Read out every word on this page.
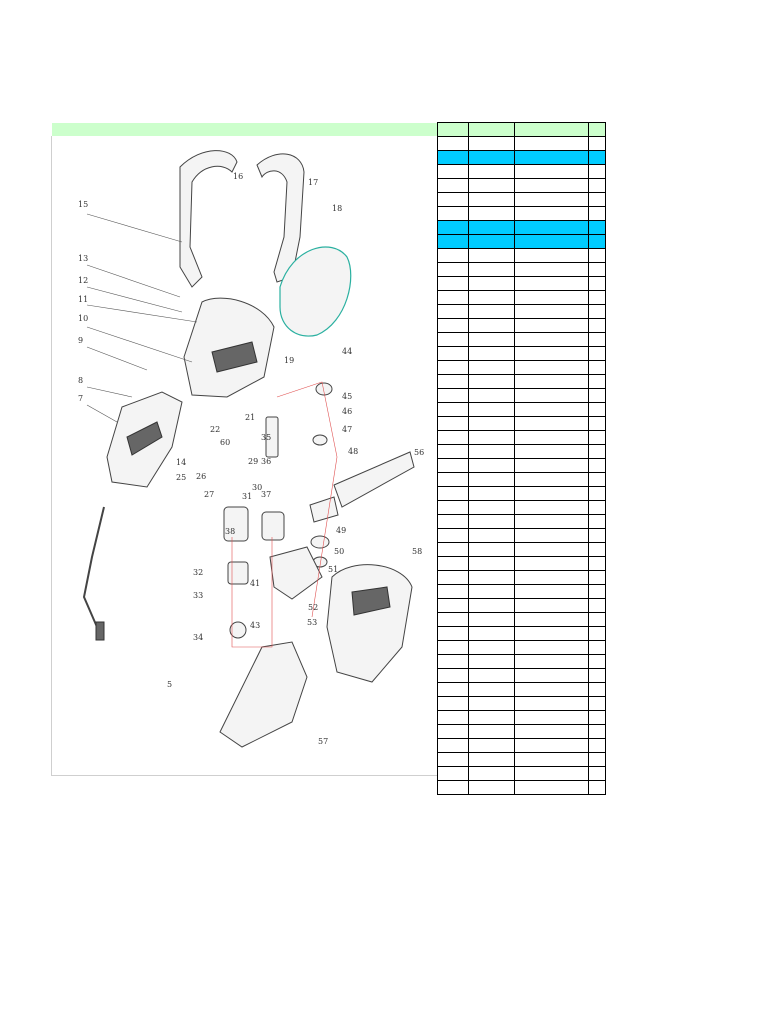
15
16
17
18
13
12
11
10
9
8
7
5
19
21
22
60
14
25 26
27
29
30
31
32
33
34
35
36
37
38
41
43
44
45
46
47
48
49
50
51
52
53
56
57
58
